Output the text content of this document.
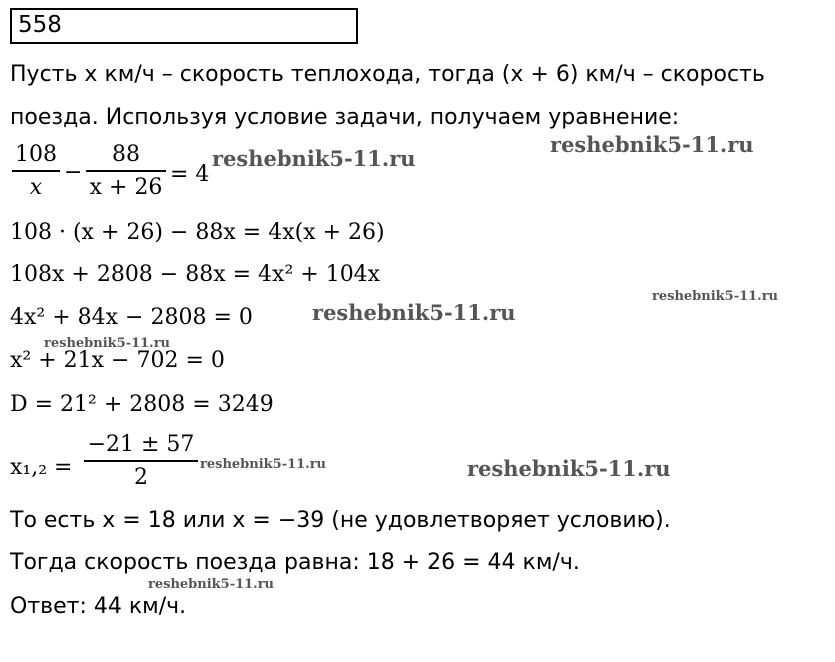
558
Пусть x км/ч – скорость теплохода, тогда (x + 6) км/ч – скорость
поезда. Используя условие задачи, получаем уравнение:
108
x
−
88
x + 26
= 4
108 · (x + 26) − 88x = 4x(x + 26)
108x + 2808 − 88x = 4x² + 104x
4x² + 84x − 2808 = 0
x² + 21x − 702 = 0
D = 21² + 2808 = 3249
x₁,₂ =
−21 ± 57
2
То есть x = 18 или x = −39 (не удовлетворяет условию).
Тогда скорость поезда равна: 18 + 26 = 44 км/ч.
Ответ: 44 км/ч.
reshebnik5-11.ru
reshebnik5-11.ru
reshebnik5-11.ru
reshebnik5-11.ru
reshebnik5-11.ru
reshebnik5-11.ru	reshebnik5-11.ru
reshebnik5-11.ru
